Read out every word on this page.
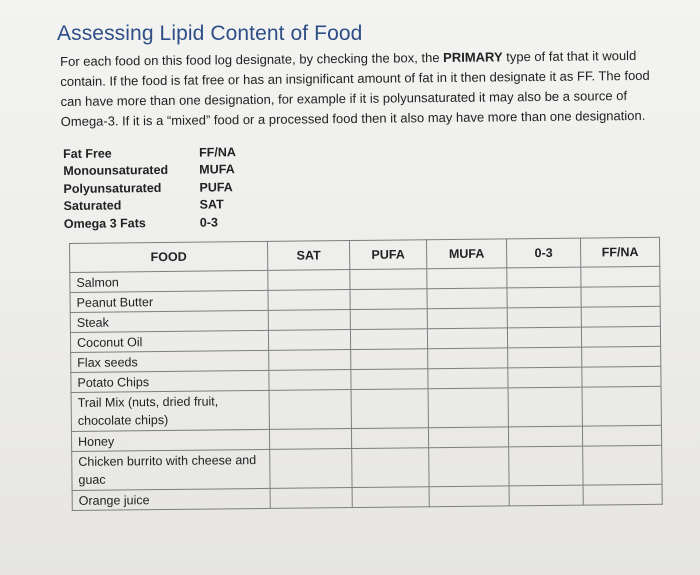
Assessing Lipid Content of Food
For each food on this food log designate, by checking the box, the PRIMARY type of fat that it would contain. If the food is fat free or has an insignificant amount of fat in it then designate it as FF. The food can have more than one designation, for example if it is polyunsaturated it may also be a source of Omega-3. If it is a “mixed” food or a processed food then it also may have more than one designation.
Fat Free	FF/NA
Monounsaturated	MUFA
Polyunsaturated	PUFA
Saturated	SAT
Omega 3 Fats	0-3
FOOD	SAT	PUFA	MUFA	0-3	FF/NA
Salmon					
Peanut Butter					
Steak					
Coconut Oil					
Flax seeds					
Potato Chips					
Trail Mix (nuts, dried fruit, chocolate chips)					
Honey					
Chicken burrito with cheese and guac					
Orange juice					
